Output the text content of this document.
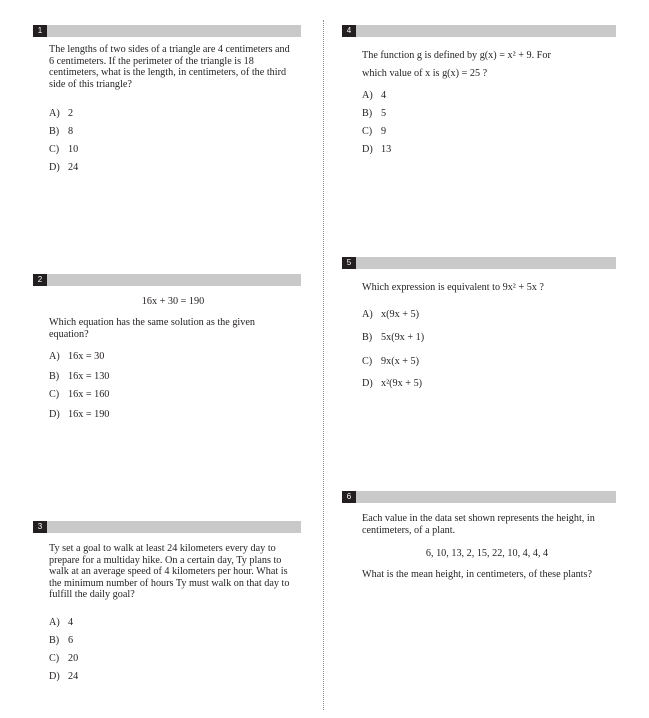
1
The lengths of two sides of a triangle are 4 centimeters and 6 centimeters. If the perimeter of the triangle is 18 centimeters, what is the length, in centimeters, of the third side of this triangle?
A) 2
B) 8
C) 10
D) 24
2
16x + 30 = 190
Which equation has the same solution as the given equation?
A) 16x = 30
B) 16x = 130
C) 16x = 160
D) 16x = 190
3
Ty set a goal to walk at least 24 kilometers every day to prepare for a multiday hike. On a certain day, Ty plans to walk at an average speed of 4 kilometers per hour. What is the minimum number of hours Ty must walk on that day to fulfill the daily goal?
A) 4
B) 6
C) 20
D) 24
4
The function g is defined by g(x) = x² + 9. For
which value of x is g(x) = 25 ?
A) 4
B) 5
C) 9
D) 13
5
Which expression is equivalent to 9x² + 5x ?
A) x(9x + 5)
B) 5x(9x + 1)
C) 9x(x + 5)
D) x²(9x + 5)
6
Each value in the data set shown represents the height, in centimeters, of a plant.
6, 10, 13, 2, 15, 22, 10, 4, 4, 4
What is the mean height, in centimeters, of these plants?
